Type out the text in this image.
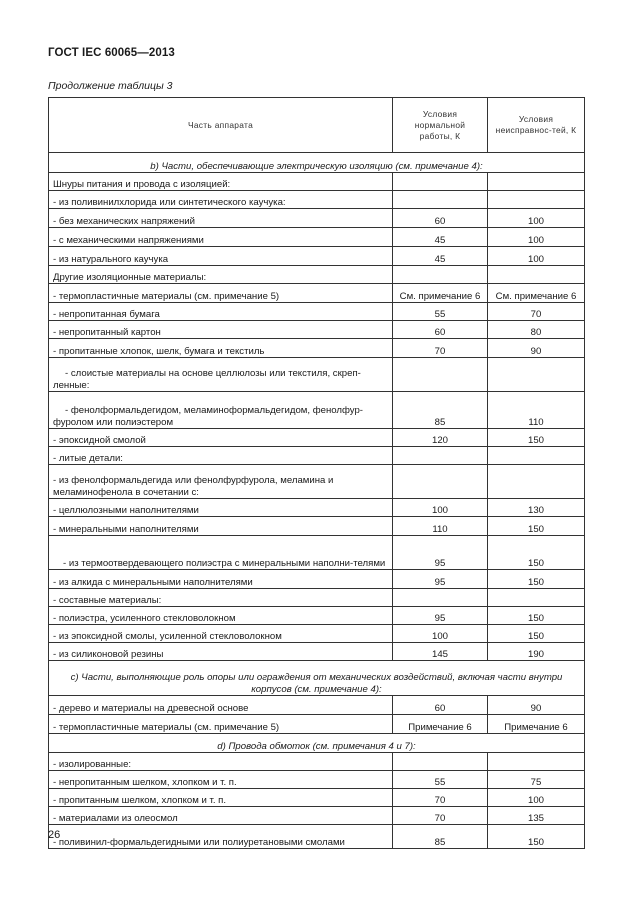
ГОСТ IEC 60065—2013
Продолжение таблицы 3
Часть аппарата	Условия нормальной работы, К	Условия неисправнос-тей, К
b) Части, обеспечивающие электрическую изоляцию (см. примечание 4):		
Шнуры питания и провода с изоляцией:		
- из поливинилхлорида или синтетического каучука:		
- без механических напряжений	60	100
- с механическими напряжениями	45	100
- из натурального каучука	45	100
Другие изоляционные материалы:		
- термопластичные материалы (см. примечание 5)	См. примечание 6	См. примечание 6
- непропитанная бумага	55	70
- непропитанный картон	60	80
- пропитанные хлопок, шелк, бумага и текстиль	70	90
- слоистые материалы на основе целлюлозы или текстиля, скреп-ленные:		
- фенолформальдегидом, меламиноформальдегидом, фенолфур-фуролом или полиэстером	85	110
- эпоксидной смолой	120	150
- литые детали:		
- из фенолформальдегида или фенолфурфурола, меламина и меламинофенола в сочетании с:		
- целлюлозными наполнителями	100	130
- минеральными наполнителями	110	150
- из термоотвердевающего полиэстра с минеральными наполни-телями	95	150
- из алкида с минеральными наполнителями	95	150
- составные материалы:		
- полиэстра, усиленного стекловолокном	95	150
- из эпоксидной смолы, усиленной стекловолокном	100	150
- из силиконовой резины	145	190
c) Части, выполняющие роль опоры или ограждения от механических воздействий, включая части внутри корпусов (см. примечание 4):		
- дерево и материалы на древесной основе	60	90
- термопластичные материалы (см. примечание 5)	Примечание 6	Примечание 6
d) Провода обмоток (см. примечания 4 и 7):		
- изолированные:		
- непропитанным шелком, хлопком и т. п.	55	75
- пропитанным шелком, хлопком и т. п.	70	100
- материалами из олеосмол	70	135
- поливинил-формальдегидными или полиуретановыми смолами	85	150
26
